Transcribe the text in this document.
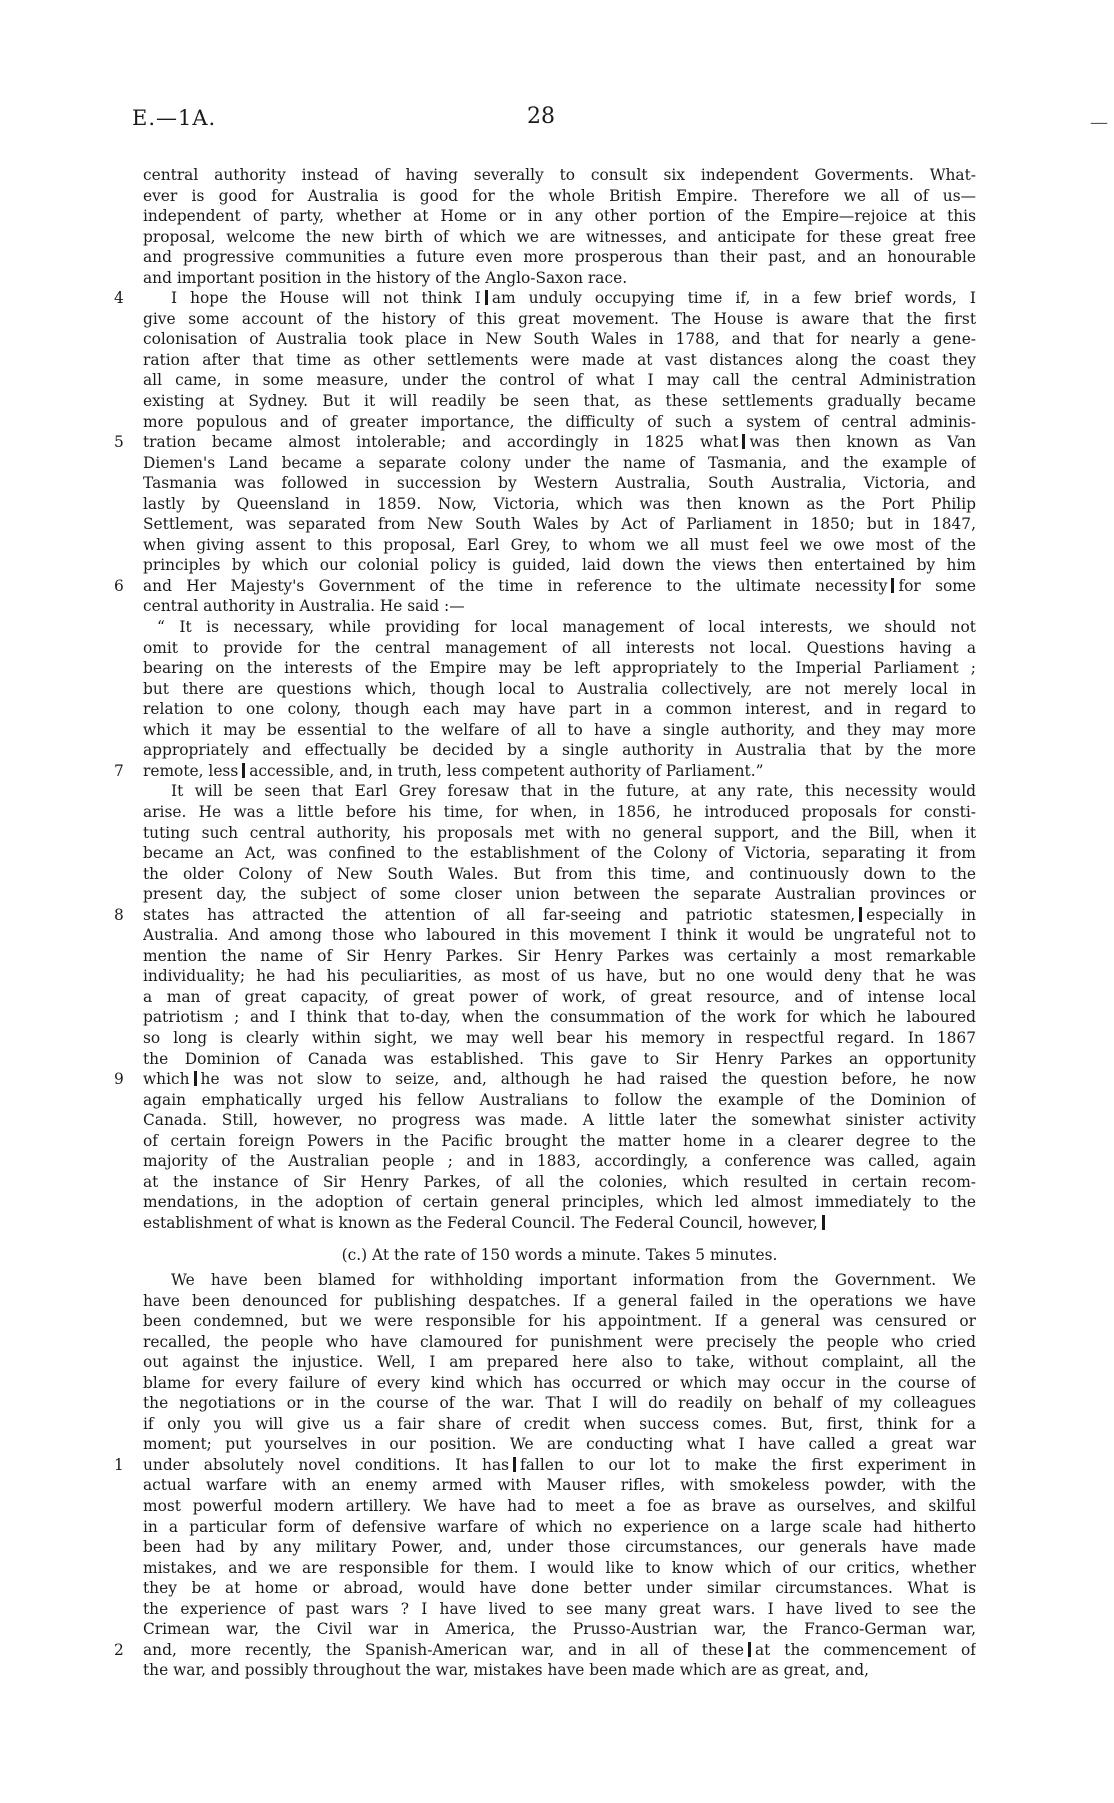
E.—1A.	28	—
central authority instead of having severally to consult six independent Goverments. What-
ever is good for Australia is good for the whole British Empire. Therefore we all of us—
independent of party, whether at Home or in any other portion of the Empire—rejoice at this
proposal, welcome the new birth of which we are witnesses, and anticipate for these great free
and progressive communities a future even more prosperous than their past, and an honourable
and important position in the history of the Anglo-Saxon race.
4	I hope the House will not think I am unduly occupying time if, in a few brief words, I
give some account of the history of this great movement. The House is aware that the first
colonisation of Australia took place in New South Wales in 1788, and that for nearly a gene-
ration after that time as other settlements were made at vast distances along the coast they
all came, in some measure, under the control of what I may call the central Administration
existing at Sydney. But it will readily be seen that, as these settlements gradually became
more populous and of greater importance, the difficulty of such a system of central adminis-
5 tration became almost intolerable; and accordingly in 1825 what was then known as Van
Diemen's Land became a separate colony under the name of Tasmania, and the example of
Tasmania was followed in succession by Western Australia, South Australia, Victoria, and
lastly by Queensland in 1859. Now, Victoria, which was then known as the Port Philip
Settlement, was separated from New South Wales by Act of Parliament in 1850; but in 1847,
when giving assent to this proposal, Earl Grey, to whom we all must feel we owe most of the
principles by which our colonial policy is guided, laid down the views then entertained by him
6 and Her Majesty's Government of the time in reference to the ultimate necessity for some
central authority in Australia. He said :—
“ It is necessary, while providing for local management of local interests, we should not
omit to provide for the central management of all interests not local. Questions having a
bearing on the interests of the Empire may be left appropriately to the Imperial Parliament ;
but there are questions which, though local to Australia collectively, are not merely local in
relation to one colony, though each may have part in a common interest, and in regard to
which it may be essential to the welfare of all to have a single authority, and they may more
appropriately and effectually be decided by a single authority in Australia that by the more
7 remote, less accessible, and, in truth, less competent authority of Parliament.”
It will be seen that Earl Grey foresaw that in the future, at any rate, this necessity would
arise. He was a little before his time, for when, in 1856, he introduced proposals for consti-
tuting such central authority, his proposals met with no general support, and the Bill, when it
became an Act, was confined to the establishment of the Colony of Victoria, separating it from
the older Colony of New South Wales. But from this time, and continuously down to the
present day, the subject of some closer union between the separate Australian provinces or
8 states has attracted the attention of all far-seeing and patriotic statesmen, especially in
Australia. And among those who laboured in this movement I think it would be ungrateful not to
mention the name of Sir Henry Parkes. Sir Henry Parkes was certainly a most remarkable
individuality; he had his peculiarities, as most of us have, but no one would deny that he was
a man of great capacity, of great power of work, of great resource, and of intense local
patriotism ; and I think that to-day, when the consummation of the work for which he laboured
so long is clearly within sight, we may well bear his memory in respectful regard. In 1867
the Dominion of Canada was established. This gave to Sir Henry Parkes an opportunity
9 which he was not slow to seize, and, although he had raised the question before, he now
again emphatically urged his fellow Australians to follow the example of the Dominion of
Canada. Still, however, no progress was made. A little later the somewhat sinister activity
of certain foreign Powers in the Pacific brought the matter home in a clearer degree to the
majority of the Australian people ; and in 1883, accordingly, a conference was called, again
at the instance of Sir Henry Parkes, of all the colonies, which resulted in certain recom-
mendations, in the adoption of certain general principles, which led almost immediately to the
establishment of what is known as the Federal Council. The Federal Council, however,
(c.) At the rate of 150 words a minute. Takes 5 minutes.
We have been blamed for withholding important information from the Government. We
have been denounced for publishing despatches. If a general failed in the operations we have
been condemned, but we were responsible for his appointment. If a general was censured or
recalled, the people who have clamoured for punishment were precisely the people who cried
out against the injustice. Well, I am prepared here also to take, without complaint, all the
blame for every failure of every kind which has occurred or which may occur in the course of
the negotiations or in the course of the war. That I will do readily on behalf of my colleagues
if only you will give us a fair share of credit when success comes. But, first, think for a
moment; put yourselves in our position. We are conducting what I have called a great war
1 under absolutely novel conditions. It has fallen to our lot to make the first experiment in
actual warfare with an enemy armed with Mauser rifles, with smokeless powder, with the
most powerful modern artillery. We have had to meet a foe as brave as ourselves, and skilful
in a particular form of defensive warfare of which no experience on a large scale had hitherto
been had by any military Power, and, under those circumstances, our generals have made
mistakes, and we are responsible for them. I would like to know which of our critics, whether
they be at home or abroad, would have done better under similar circumstances. What is
the experience of past wars ? I have lived to see many great wars. I have lived to see the
Crimean war, the Civil war in America, the Prusso-Austrian war, the Franco-German war,
2 and, more recently, the Spanish-American war, and in all of these at the commencement of
the war, and possibly throughout the war, mistakes have been made which are as great, and,
